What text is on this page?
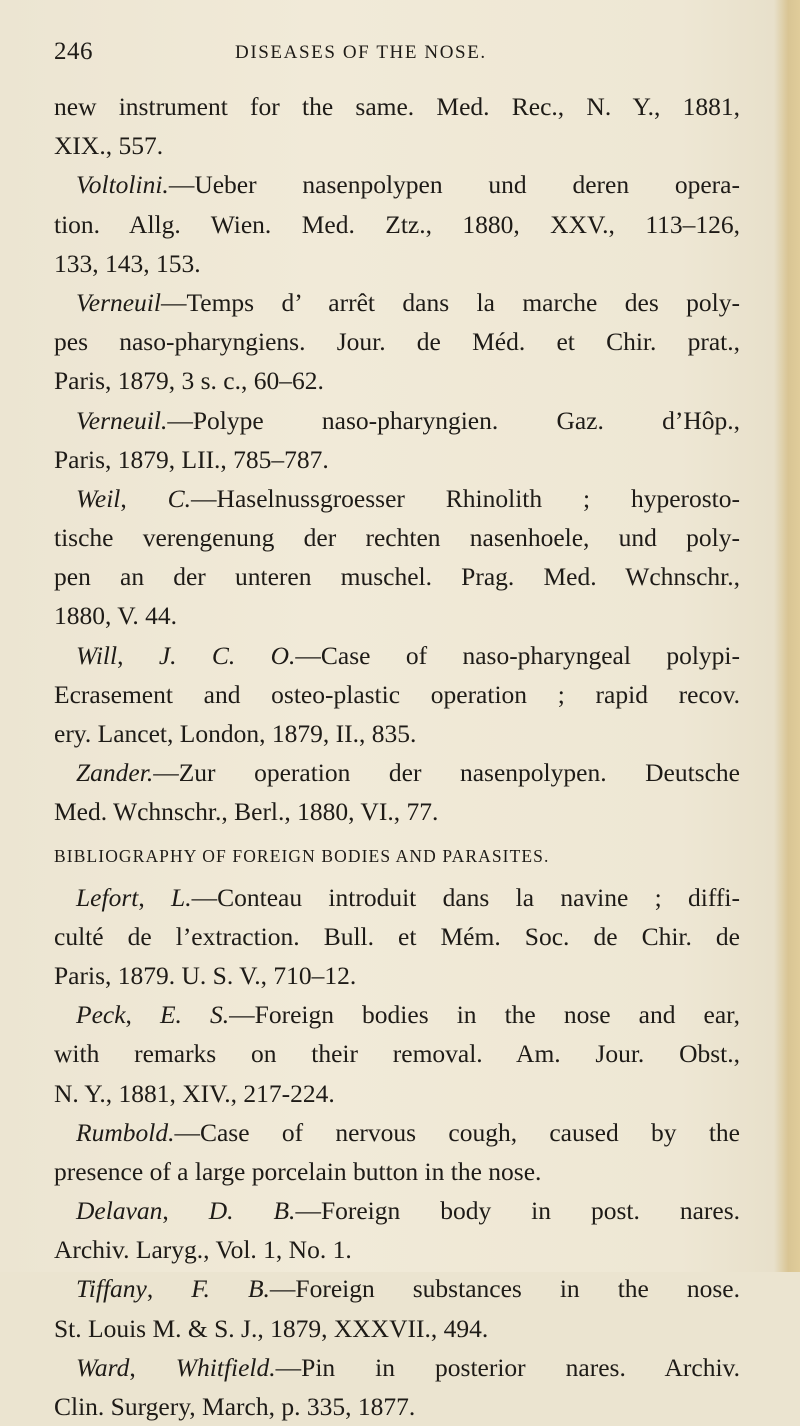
246	DISEASES OF THE NOSE.
new instrument for the same. Med. Rec., N. Y., 1881,
XIX., 557.
Voltolini.—Ueber nasenpolypen und deren opera-
tion. Allg. Wien. Med. Ztz., 1880, XXV., 113–126,
133, 143, 153.
Verneuil—Temps d’ arrêt dans la marche des poly-
pes naso-pharyngiens. Jour. de Méd. et Chir. prat.,
Paris, 1879, 3 s. c., 60–62.
Verneuil.—Polype naso-pharyngien. Gaz. d’Hôp.,
Paris, 1879, LII., 785–787.
Weil, C.—Haselnussgroesser Rhinolith ; hyperosto-
tische verengenung der rechten nasenhoele, und poly-
pen an der unteren muschel. Prag. Med. Wchnschr.,
1880, V. 44.
Will, J. C. O.—Case of naso-pharyngeal polypi-
Ecrasement and osteo-plastic operation ; rapid recov.
ery. Lancet, London, 1879, II., 835.
Zander.—Zur operation der nasenpolypen. Deutsche
Med. Wchnschr., Berl., 1880, VI., 77.
BIBLIOGRAPHY OF FOREIGN BODIES AND PARASITES.
Lefort, L.—Conteau introduit dans la navine ; diffi-
culté de l’extraction. Bull. et Mém. Soc. de Chir. de
Paris, 1879. U. S. V., 710–12.
Peck, E. S.—Foreign bodies in the nose and ear,
with remarks on their removal. Am. Jour. Obst.,
N. Y., 1881, XIV., 217-224.
Rumbold.—Case of nervous cough, caused by the
presence of a large porcelain button in the nose.
Delavan, D. B.—Foreign body in post. nares.
Archiv. Laryg., Vol. 1, No. 1.
Tiffany, F. B.—Foreign substances in the nose.
St. Louis M. & S. J., 1879, XXXVII., 494.
Ward, Whitfield.—Pin in posterior nares. Archiv.
Clin. Surgery, March, p. 335, 1877.
